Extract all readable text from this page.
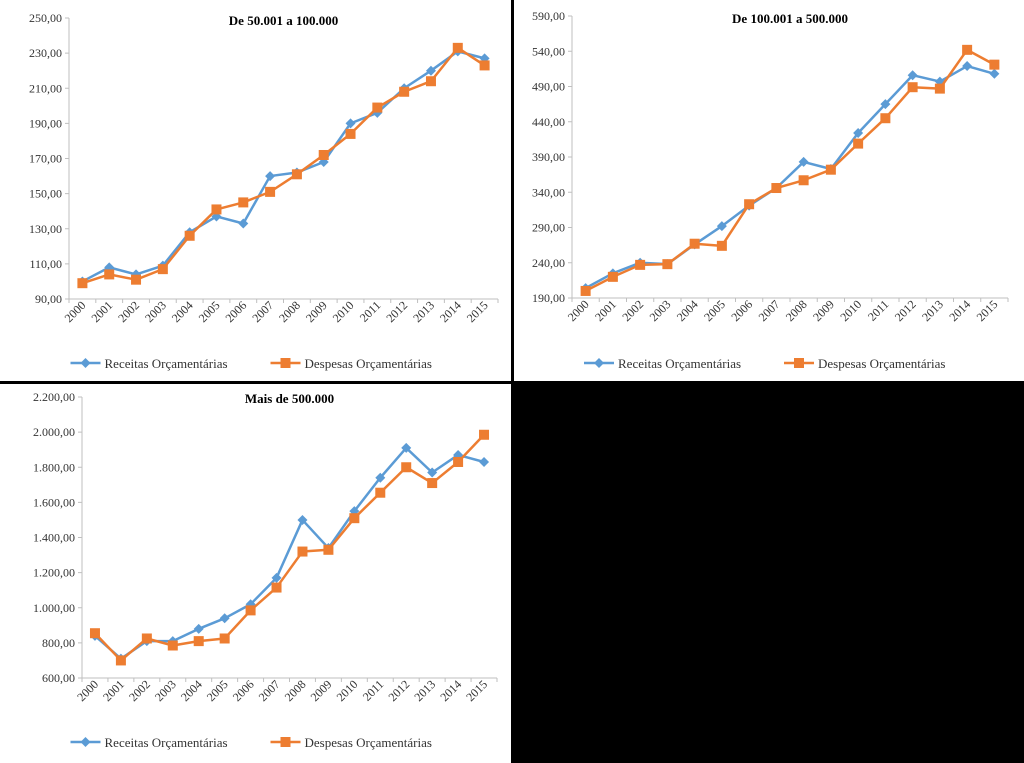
De 50.001 a 100.000
90,00
110,00
130,00
150,00
170,00
190,00
210,00
230,00
250,00
2000 2001 2002 2003 2004 2005 2006 2007 2008 2009 2010 2011 2012 2013 2014 2015
Receitas Orçamentárias	Despesas Orçamentárias
De 100.001 a 500.000
190,00
240,00
290,00
340,00
390,00
440,00
490,00
540,00
590,00
2000 2001 2002 2003 2004 2005 2006 2007 2008 2009 2010 2011 2012 2013 2014 2015
Receitas Orçamentárias	Despesas Orçamentárias
Mais de 500.000
600,00
800,00
1.000,00
1.200,00
1.400,00
1.600,00
1.800,00
2.000,00
2.200,00
2000 2001 2002 2003 2004 2005 2006 2007 2008 2009 2010 2011 2012 2013 2014 2015
Receitas Orçamentárias	Despesas Orçamentárias
